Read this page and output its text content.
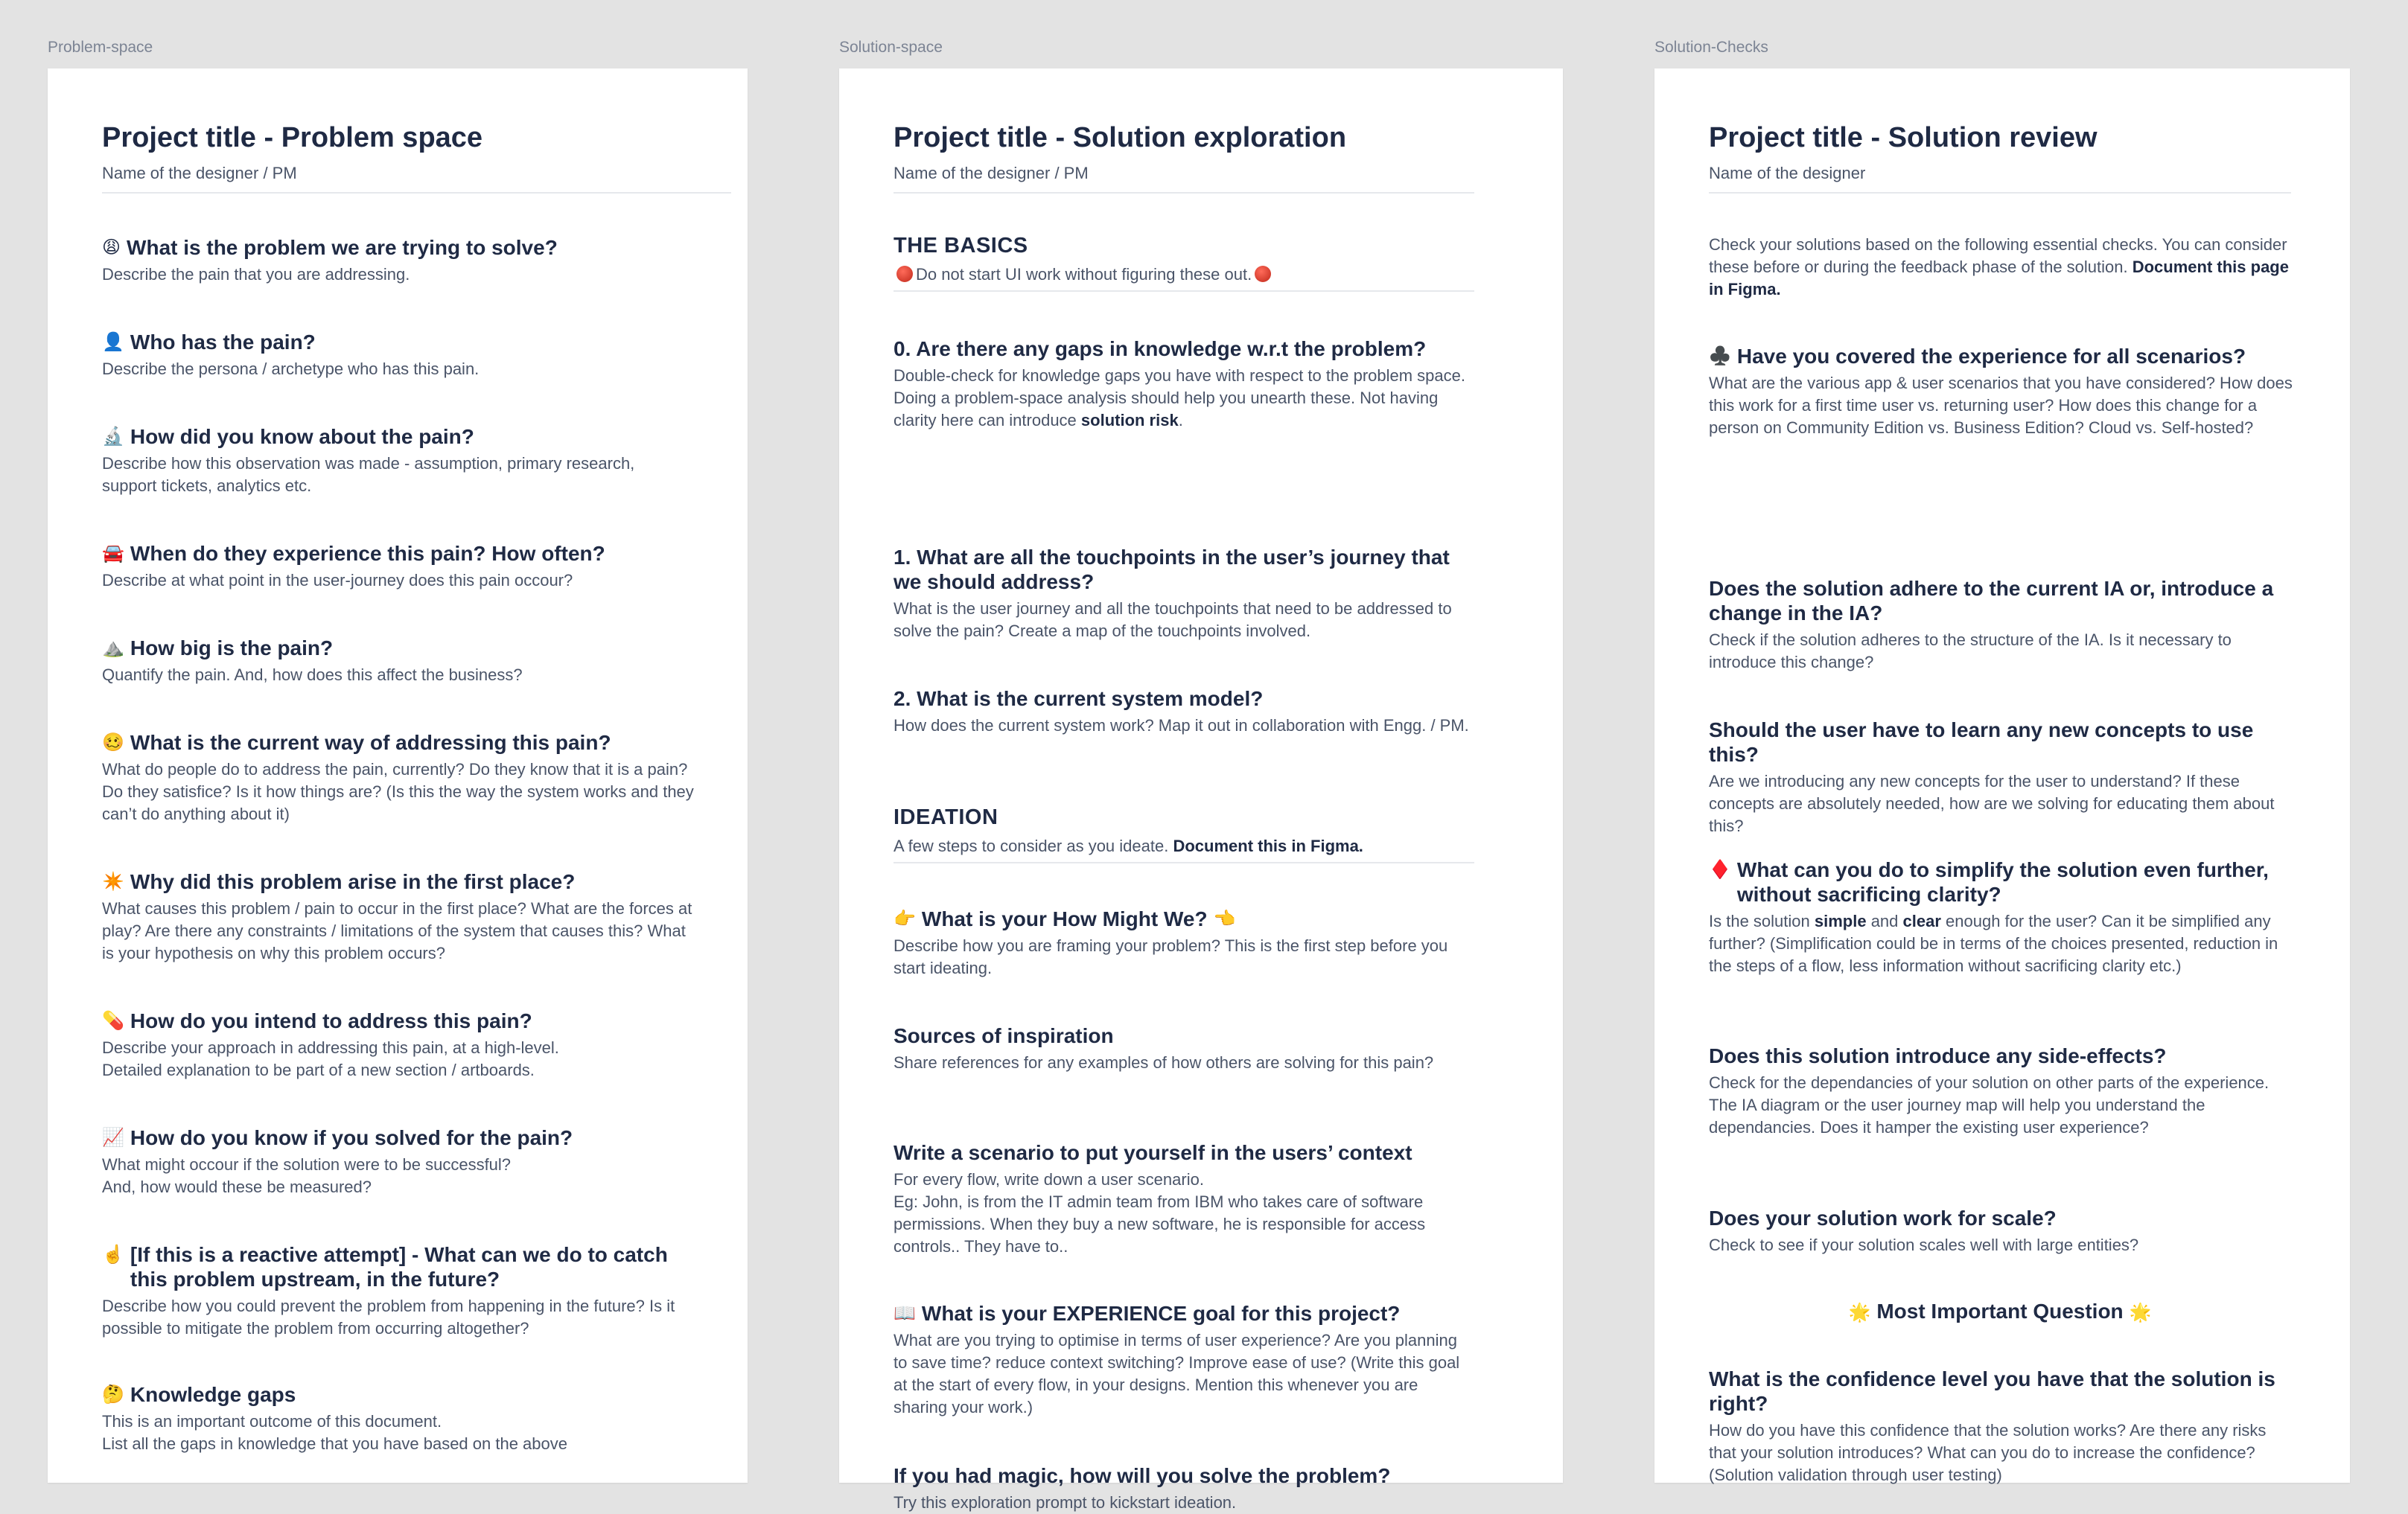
Problem-space	Solution-space	Solution-Checks
Project title - Problem space
Name of the designer / PM
😩 What is the problem we are trying to solve?

Describe the pain that you are addressing.

👤 Who has the pain?

Describe the persona / archetype who has this pain.

🔬 How did you know about the pain?

Describe how this observation was made - assumption, primary research, support tickets, analytics etc.

🚘 When do they experience this pain? How often?

Describe at what point in the user-journey does this pain occour?

⛰️ How big is the pain?

Quantify the pain. And, how does this affect the business?

🥴 What is the current way of addressing this pain?

What do people do to address the pain, currently? Do they know that it is a pain? Do they satisfice? Is it how things are? (Is this the way the system works and they can’t do anything about it)

✴️ Why did this problem arise in the first place?

What causes this problem / pain to occur in the first place? What are the forces at play? Are there any constraints / limitations of the system that causes this? What is your hypothesis on why this problem occurs?

💊 How do you intend to address this pain?

Describe your approach in addressing this pain, at a high-level.
Detailed explanation to be part of a new section / artboards.

📈 How do you know if you solved for the pain?

What might occour if the solution were to be successful?
And, how would these be measured?

☝️ [If this is a reactive attempt] - What can we do to catch this problem upstream, in the future?

Describe how you could prevent the problem from happening in the future? Is it possible to mitigate the problem from occurring altogether?

🤔 Knowledge gaps

This is an important outcome of this document.
List all the gaps in knowledge that you have based on the above

Project title - Solution exploration
Name of the designer / PM
THE BASICS
Do not start UI work without figuring these out.
0. Are there any gaps in knowledge w.r.t the problem?

Double-check for knowledge gaps you have with respect to the problem space. Doing a problem-space analysis should help you unearth these. Not having clarity here can introduce solution risk.

1. What are all the touchpoints in the user’s journey that we should address?

What is the user journey and all the touchpoints that need to be addressed to solve the pain? Create a map of the touchpoints involved.

2. What is the current system model?

How does the current system work? Map it out in collaboration with Engg. / PM.

IDEATION
A few steps to consider as you ideate. Document this in Figma.
👉 What is your How Might We? 👈

Describe how you are framing your problem? This is the first step before you start ideating.

Sources of inspiration

Share references for any examples of how others are solving for this pain?

Write a scenario to put yourself in the users’ context

For every flow, write down a user scenario.
Eg: John, is from the IT admin team from IBM who takes care of software permissions. When they buy a new software, he is responsible for access controls.. They have to..

📖 What is your EXPERIENCE goal for this project?

What are you trying to optimise in terms of user experience? Are you planning to save time? reduce context switching? Improve ease of use? (Write this goal at the start of every flow, in your designs. Mention this whenever you are sharing your work.)

If you had magic, how will you solve the problem?

Try this exploration prompt to kickstart ideation.

Project title - Solution review
Name of the designer

Check your solutions based on the following essential checks. You can consider these before or during the feedback phase of the solution. Document this page in Figma.

♣️ Have you covered the experience for all scenarios?

What are the various app & user scenarios that you have considered? How does this work for a first time user vs. returning user? How does this change for a person on Community Edition vs. Business Edition? Cloud vs. Self-hosted?

Does the solution adhere to the current IA or, introduce a change in the IA?

Check if the solution adheres to the structure of the IA. Is it necessary to introduce this change?

Should the user have to learn any new concepts to use this?

Are we introducing any new concepts for the user to understand? If these concepts are absolutely needed, how are we solving for educating them about this?

♦️ What can you do to simplify the solution even further, without sacrificing clarity?

Is the solution simple and clear enough for the user? Can it be simplified any further? (Simplification could be in terms of the choices presented, reduction in the steps of a flow, less information without sacrificing clarity etc.)

Does this solution introduce any side-effects?

Check for the dependancies of your solution on other parts of the experience. The IA diagram or the user journey map will help you understand the dependancies. Does it hamper the existing user experience?

Does your solution work for scale?

Check to see if your solution scales well with large entities?

🌟 Most Important Question 🌟
What is the confidence level you have that the solution is right?

How do you have this confidence that the solution works? Are there any risks that your solution introduces? What can you do to increase the confidence? (Solution validation through user testing)
